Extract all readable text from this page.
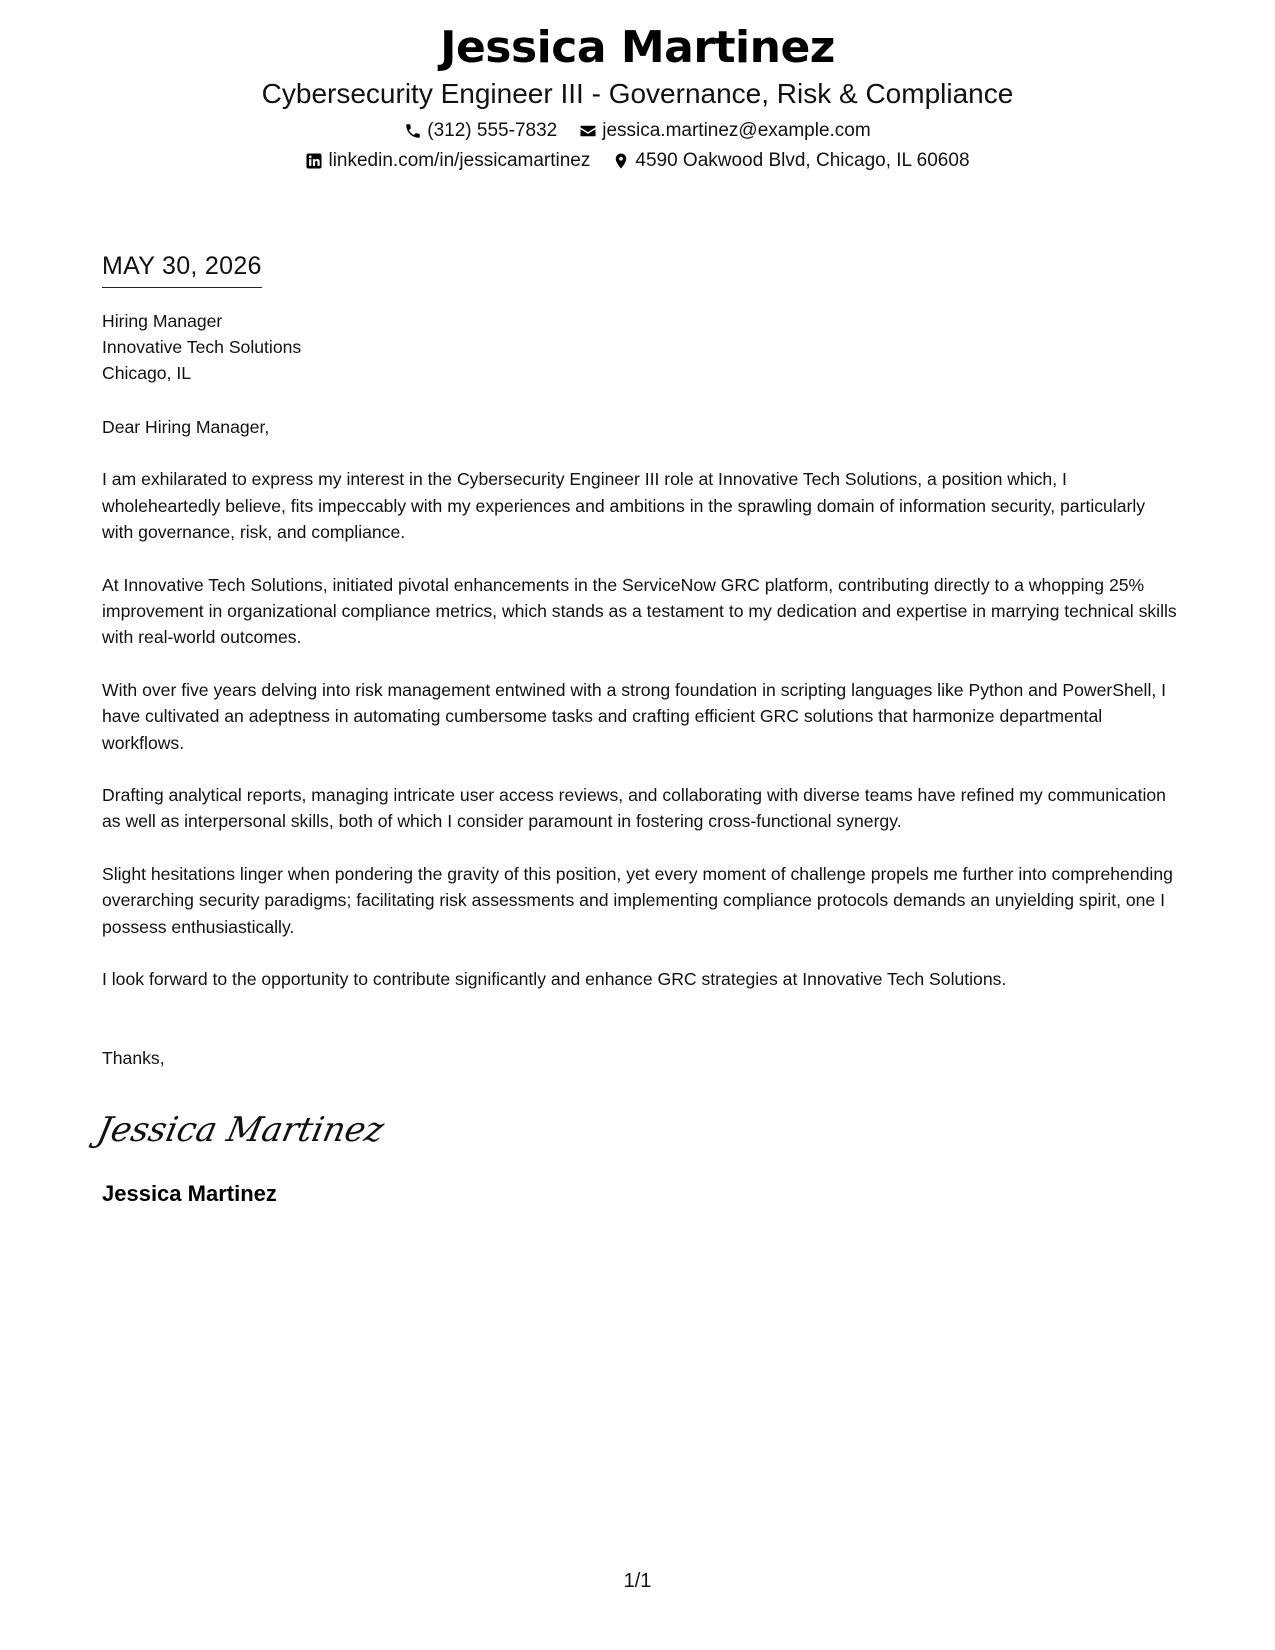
Jessica Martinez
Cybersecurity Engineer III - Governance, Risk & Compliance
(312) 555-7832 jessica.martinez@example.com
linkedin.com/in/jessicamartinez 4590 Oakwood Blvd, Chicago, IL 60608
MAY 30, 2026
Hiring Manager
Innovative Tech Solutions
Chicago, IL
Dear Hiring Manager,

I am exhilarated to express my interest in the Cybersecurity Engineer III role at Innovative Tech Solutions, a position which, I wholeheartedly believe, fits impeccably with my experiences and ambitions in the sprawling domain of information security, particularly with governance, risk, and compliance.

At Innovative Tech Solutions, initiated pivotal enhancements in the ServiceNow GRC platform, contributing directly to a whopping 25% improvement in organizational compliance metrics, which stands as a testament to my dedication and expertise in marrying technical skills with real-world outcomes.

With over five years delving into risk management entwined with a strong foundation in scripting languages like Python and PowerShell, I have cultivated an adeptness in automating cumbersome tasks and crafting efficient GRC solutions that harmonize departmental workflows.

Drafting analytical reports, managing intricate user access reviews, and collaborating with diverse teams have refined my communication as well as interpersonal skills, both of which I consider paramount in fostering cross-functional synergy.

Slight hesitations linger when pondering the gravity of this position, yet every moment of challenge propels me further into comprehending overarching security paradigms; facilitating risk assessments and implementing compliance protocols demands an unyielding spirit, one I possess enthusiastically.

I look forward to the opportunity to contribute significantly and enhance GRC strategies at Innovative Tech Solutions.

Thanks,
Jessica Martinez
Jessica Martinez
1/1
